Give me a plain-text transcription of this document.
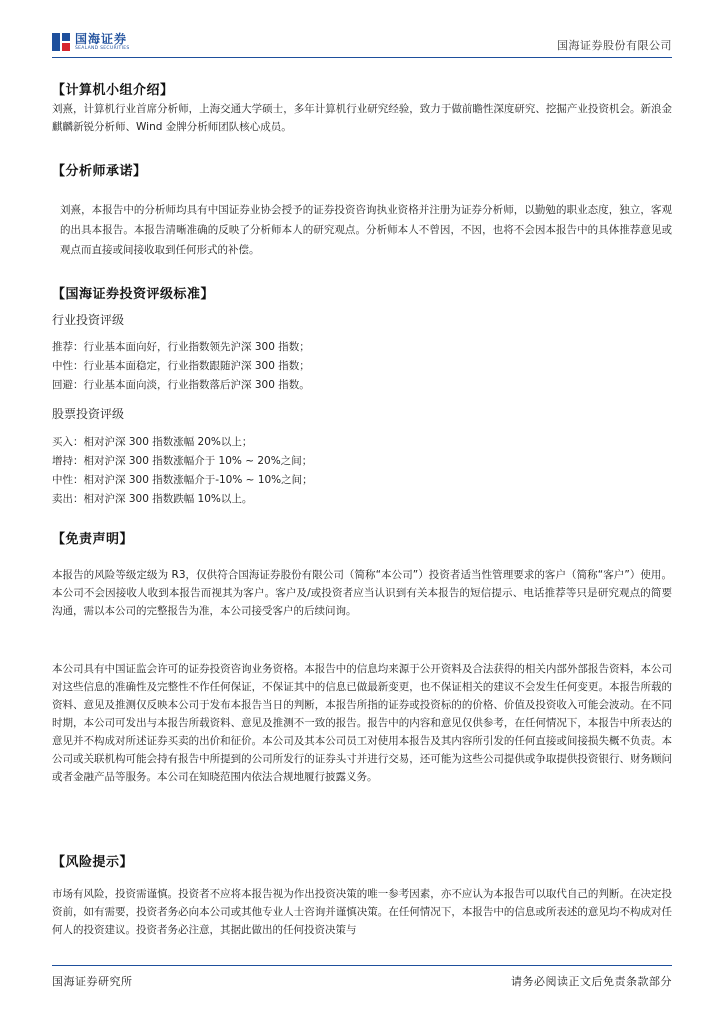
国海证券
SEALAND SECURITIES	国海证券股份有限公司
【计算机小组介绍】

刘熹，计算机行业首席分析师，上海交通大学硕士，多年计算机行业研究经验，致力于做前瞻性深度研究、挖掘产业投资机会。新浪金麒麟新锐分析师、Wind 金牌分析师团队核心成员。

【分析师承诺】

刘熹，本报告中的分析师均具有中国证券业协会授予的证券投资咨询执业资格并注册为证券分析师，以勤勉的职业态度，独立，客观的出具本报告。本报告清晰准确的反映了分析师本人的研究观点。分析师本人不曾因，不因，也将不会因本报告中的具体推荐意见或观点而直接或间接收取到任何形式的补偿。

【国海证券投资评级标准】
行业投资评级
推荐：行业基本面向好，行业指数领先沪深 300 指数；
中性：行业基本面稳定，行业指数跟随沪深 300 指数；
回避：行业基本面向淡，行业指数落后沪深 300 指数。
股票投资评级
买入：相对沪深 300 指数涨幅 20%以上；
增持：相对沪深 300 指数涨幅介于 10% ~ 20%之间；
中性：相对沪深 300 指数涨幅介于-10% ~ 10%之间；
卖出：相对沪深 300 指数跌幅 10%以上。
【免责声明】

本报告的风险等级定级为 R3，仅供符合国海证券股份有限公司（简称“本公司”）投资者适当性管理要求的客户（简称“客户”）使用。本公司不会因接收人收到本报告而视其为客户。客户及/或投资者应当认识到有关本报告的短信提示、电话推荐等只是研究观点的简要沟通，需以本公司的完整报告为准，本公司接受客户的后续问询。

本公司具有中国证监会许可的证券投资咨询业务资格。本报告中的信息均来源于公开资料及合法获得的相关内部外部报告资料，本公司对这些信息的准确性及完整性不作任何保证，不保证其中的信息已做最新变更，也不保证相关的建议不会发生任何变更。本报告所载的资料、意见及推测仅反映本公司于发布本报告当日的判断，本报告所指的证券或投资标的的价格、价值及投资收入可能会波动。在不同时期，本公司可发出与本报告所载资料、意见及推测不一致的报告。报告中的内容和意见仅供参考，在任何情况下，本报告中所表达的意见并不构成对所述证券买卖的出价和征价。本公司及其本公司员工对使用本报告及其内容所引发的任何直接或间接损失概不负责。本公司或关联机构可能会持有报告中所提到的公司所发行的证券头寸并进行交易，还可能为这些公司提供或争取提供投资银行、财务顾问或者金融产品等服务。本公司在知晓范围内依法合规地履行披露义务。

【风险提示】

市场有风险，投资需谨慎。投资者不应将本报告视为作出投资决策的唯一参考因素，亦不应认为本报告可以取代自己的判断。在决定投资前，如有需要，投资者务必向本公司或其他专业人士咨询并谨慎决策。在任何情况下，本报告中的信息或所表述的意见均不构成对任何人的投资建议。投资者务必注意，其据此做出的任何投资决策与

国海证券研究所	请务必阅读正文后免责条款部分
